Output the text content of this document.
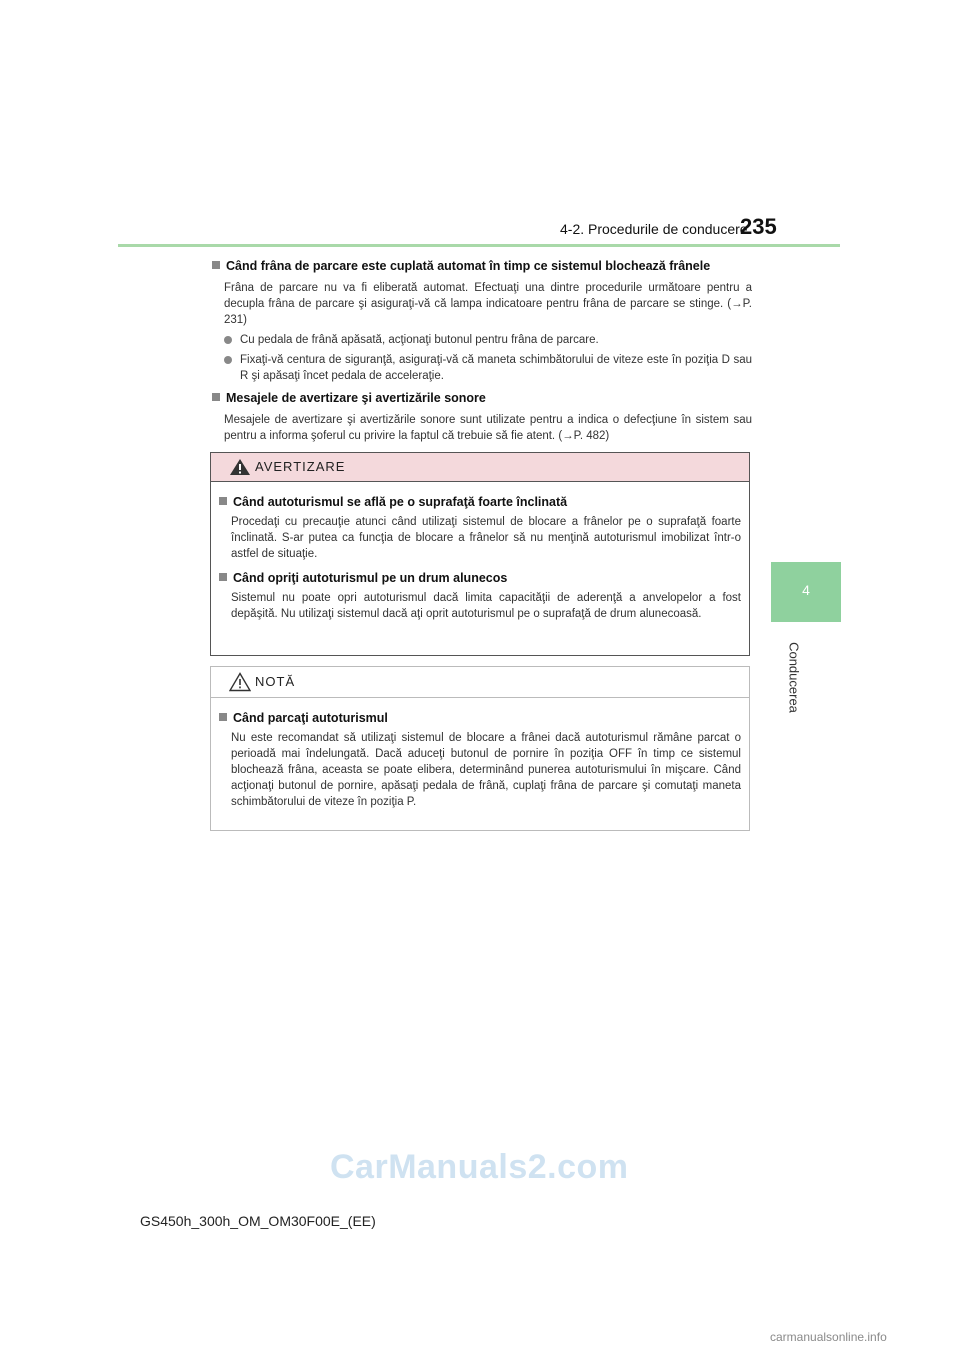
4-2. Procedurile de conducere
235
4
Conducerea
Când frâna de parcare este cuplată automat în timp ce sistemul blochează frânele
Frâna de parcare nu va fi eliberată automat. Efectuaţi una dintre procedurile următoare pentru a decupla frâna de parcare şi asiguraţi-vă că lampa indicatoare pentru frâna de parcare se stinge. (→P. 231)
Cu pedala de frână apăsată, acţionaţi butonul pentru frâna de parcare.
Fixaţi-vă centura de siguranţă, asiguraţi-vă că maneta schimbătorului de viteze este în poziţia D sau R şi apăsaţi încet pedala de acceleraţie.
Mesajele de avertizare şi avertizările sonore
Mesajele de avertizare şi avertizările sonore sunt utilizate pentru a indica o defecţiune în sistem sau pentru a informa şoferul cu privire la faptul că trebuie să fie atent. (→P. 482)
AVERTIZARE
Când autoturismul se află pe o suprafaţă foarte înclinată
Procedaţi cu precauţie atunci când utilizaţi sistemul de blocare a frânelor pe o suprafaţă foarte înclinată. S-ar putea ca funcţia de blocare a frânelor să nu menţină autoturismul imobilizat într-o astfel de situaţie.
Când opriţi autoturismul pe un drum alunecos
Sistemul nu poate opri autoturismul dacă limita capacităţii de aderenţă a anvelopelor a fost depăşită. Nu utilizaţi sistemul dacă aţi oprit autoturismul pe o suprafaţă de drum alunecoasă.
NOTĂ
Când parcaţi autoturismul
Nu este recomandat să utilizaţi sistemul de blocare a frânei dacă autoturismul rămâne parcat o perioadă mai îndelungată. Dacă aduceţi butonul de pornire în poziţia OFF în timp ce sistemul blochează frâna, aceasta se poate elibera, determinând punerea autoturismului în mişcare. Când acţionaţi butonul de pornire, apăsaţi pedala de frână, cuplaţi frâna de parcare şi comutaţi maneta schimbătorului de viteze în poziţia P.
CarManuals2.com
GS450h_300h_OM_OM30F00E_(EE)
carmanualsonline.info
